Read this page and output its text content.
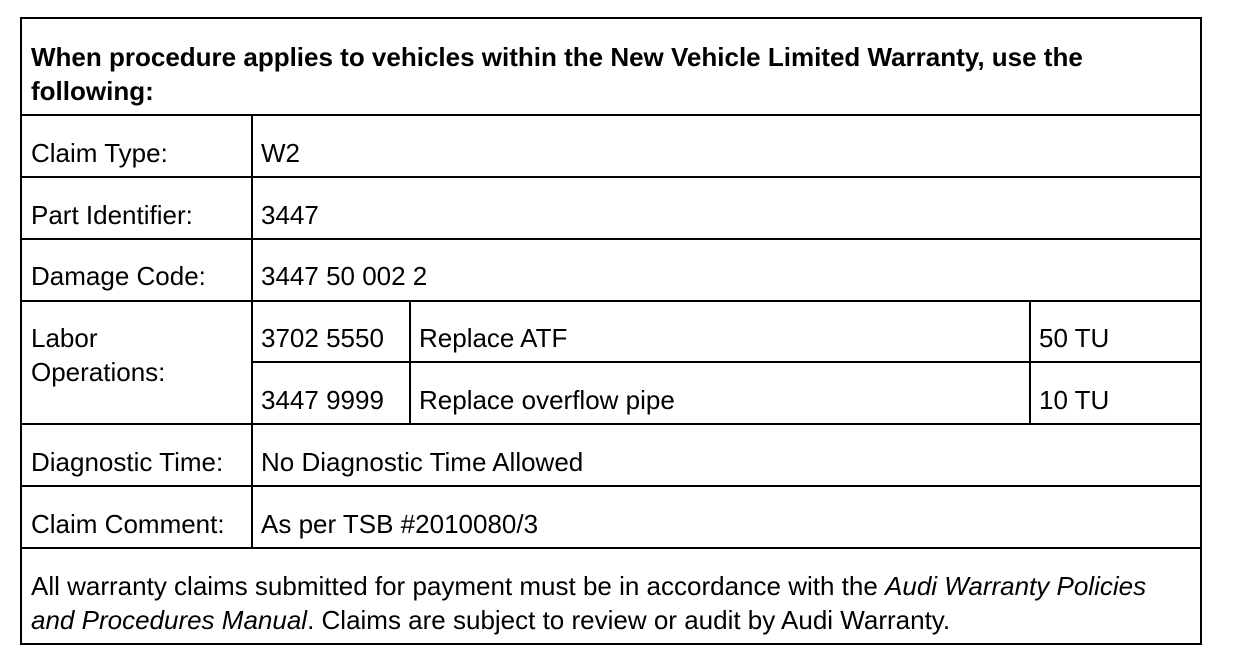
When procedure applies to vehicles within the New Vehicle Limited Warranty, use the following:
Claim Type:	W2
Part Identifier:	3447
Damage Code: 3447 50 002 2
Labor
Operations:
3702 5550 Replace ATF	50 TU
3447 9999 Replace overflow pipe	10 TU
Diagnostic Time: No Diagnostic Time Allowed
Claim Comment: As per TSB #2010080/3
All warranty claims submitted for payment must be in accordance with the Audi Warranty Policies and Procedures Manual. Claims are subject to review or audit by Audi Warranty.
